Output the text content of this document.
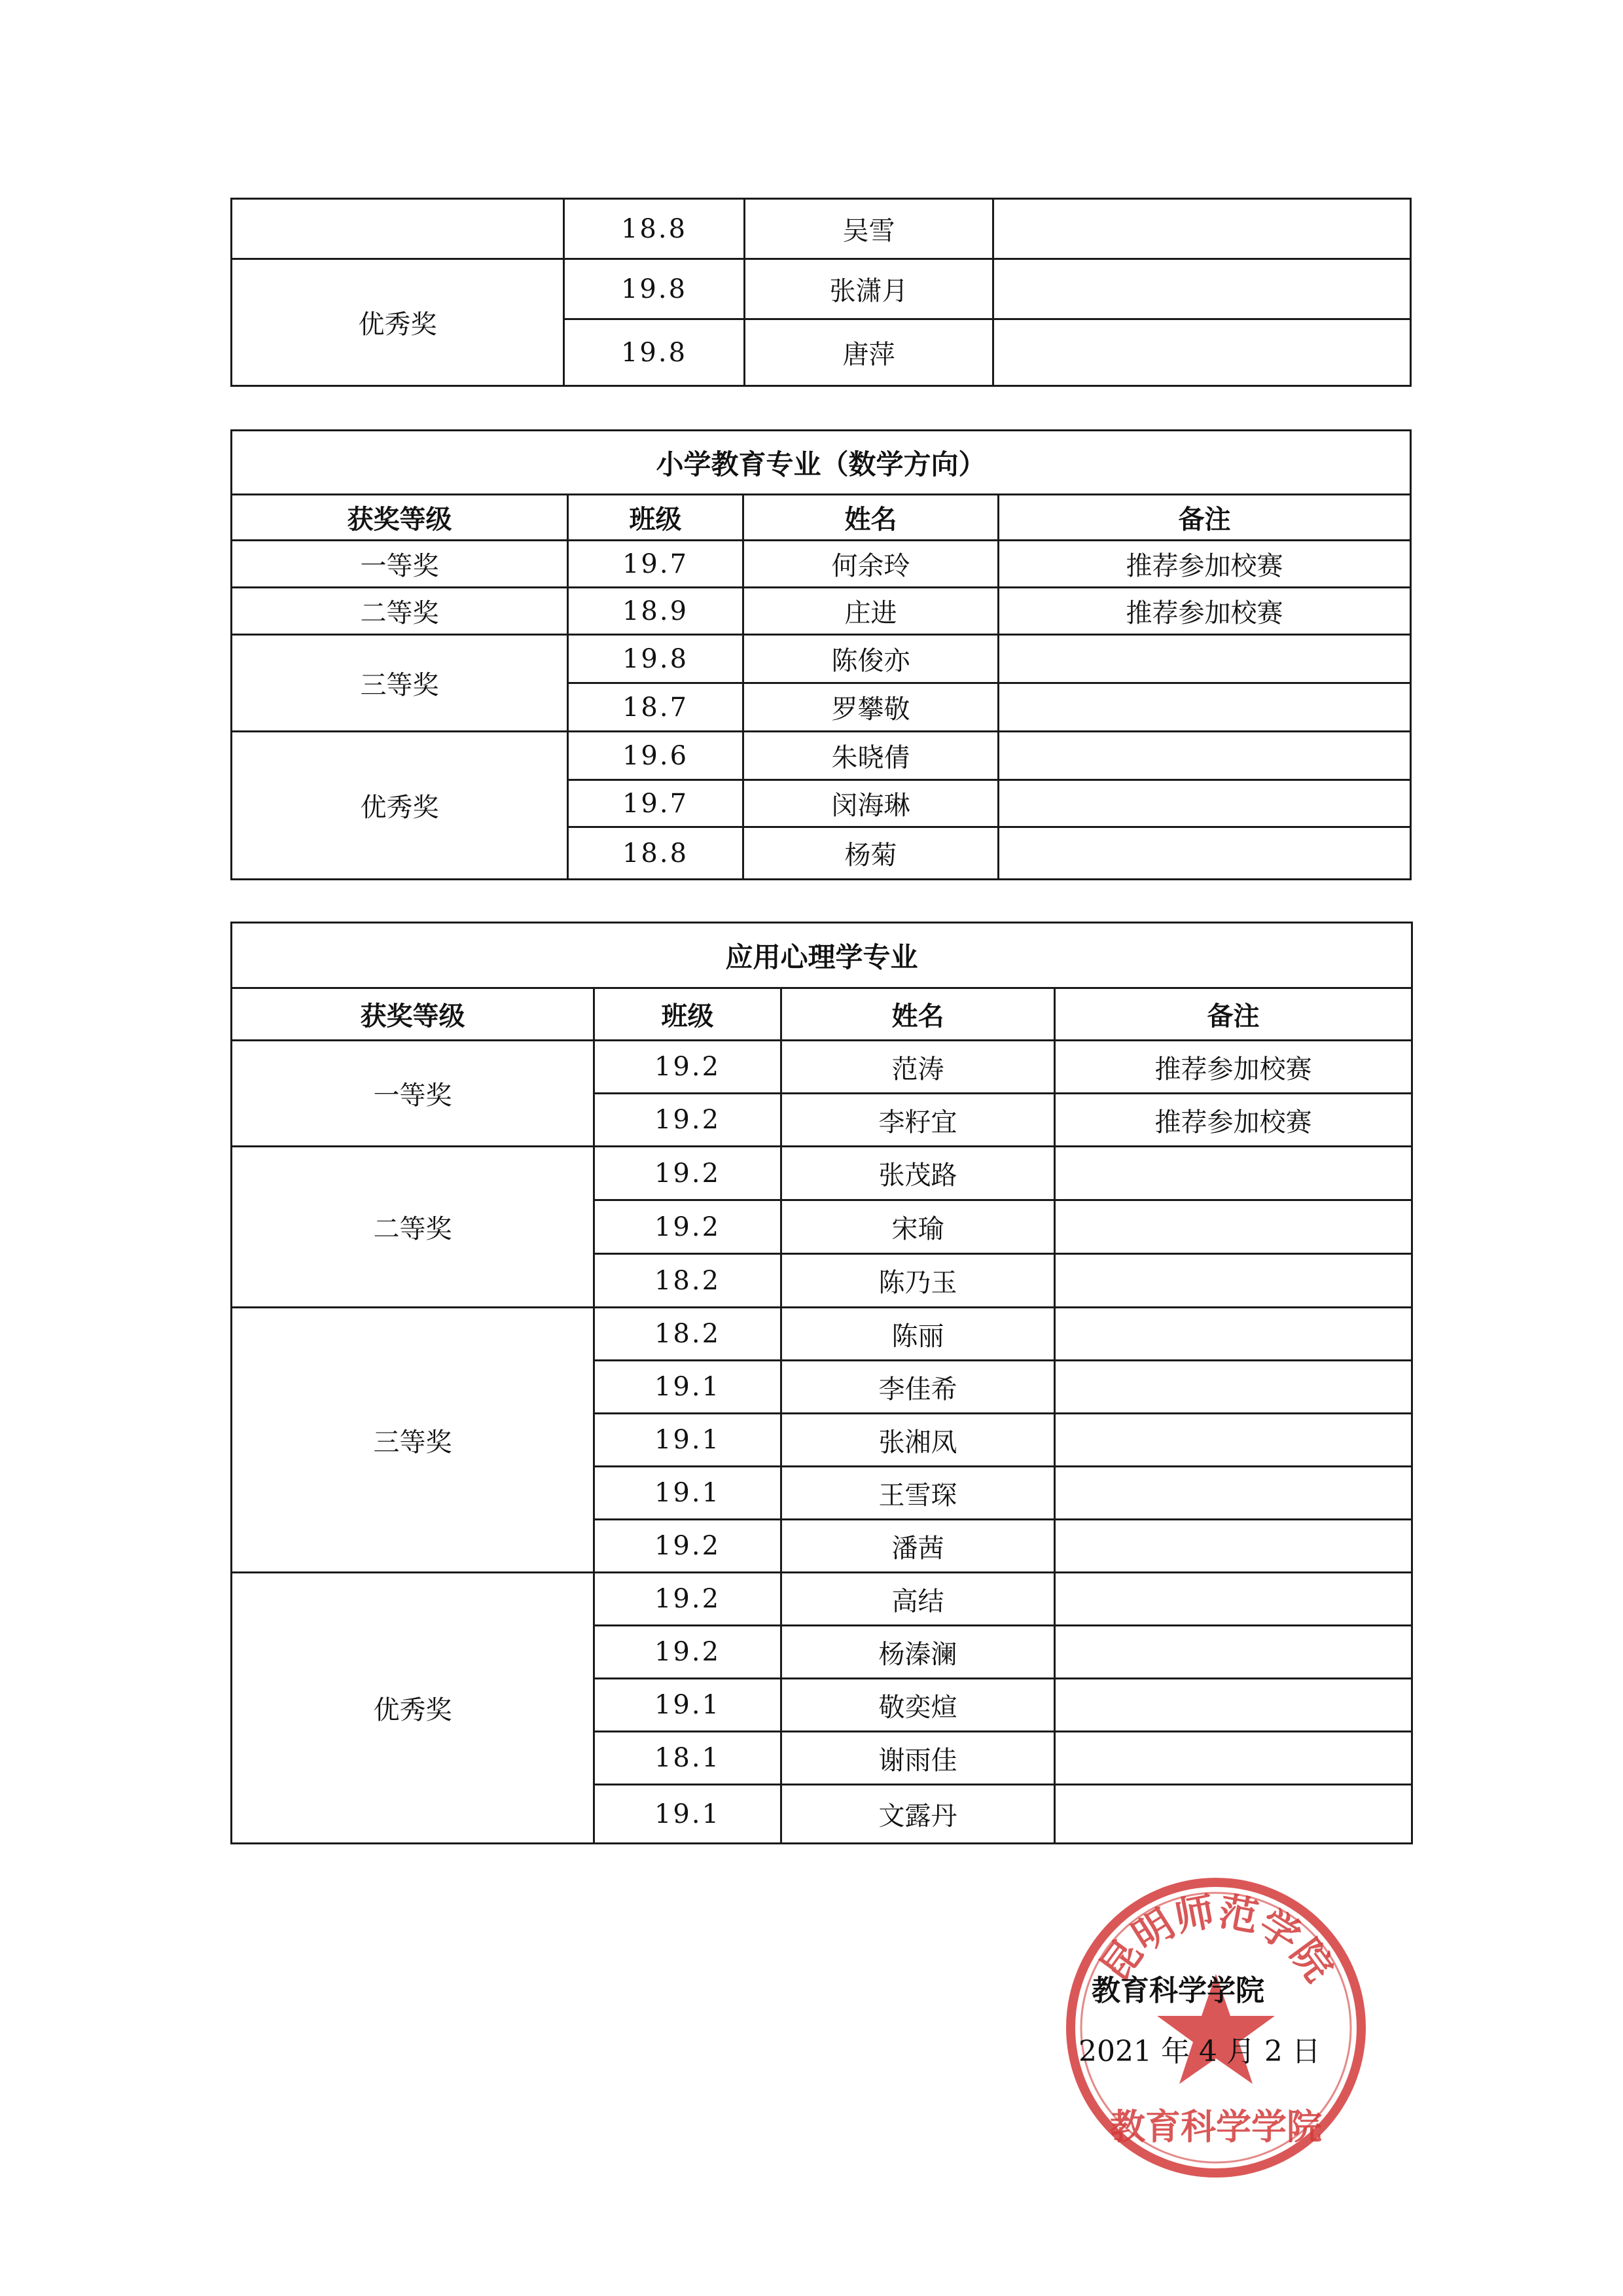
	18.8	吴雪	
优秀奖	19.8	张潇月	
	19.8	唐萍	
小学教育专业（数学方向）			
获奖等级	班级	姓名	备注
一等奖	19.7	何余玲	推荐参加校赛
二等奖	18.9	庄进	推荐参加校赛
三等奖	19.8	陈俊亦	
	18.7	罗攀敬	
优秀奖	19.6	朱晓倩	
	19.7	闵海琳	
	18.8	杨菊	
应用心理学专业			
获奖等级	班级	姓名	备注
一等奖	19.2	范涛	推荐参加校赛
	19.2	李籽宜	推荐参加校赛
二等奖	19.2	张茂路	
	19.2	宋瑜	
	18.2	陈乃玉	
三等奖	18.2	陈丽	
	19.1	李佳希	
	19.1	张湘凤	
	19.1	王雪琛	
	19.2	潘茜	
优秀奖	19.2	高结	
	19.2	杨溱澜	
	19.1	敬奕煊	
	18.1	谢雨佳	
	19.1	文露丹	
昆明师范学院
教育科学学院
教育科学学院
2021 年 4 月 2 日
